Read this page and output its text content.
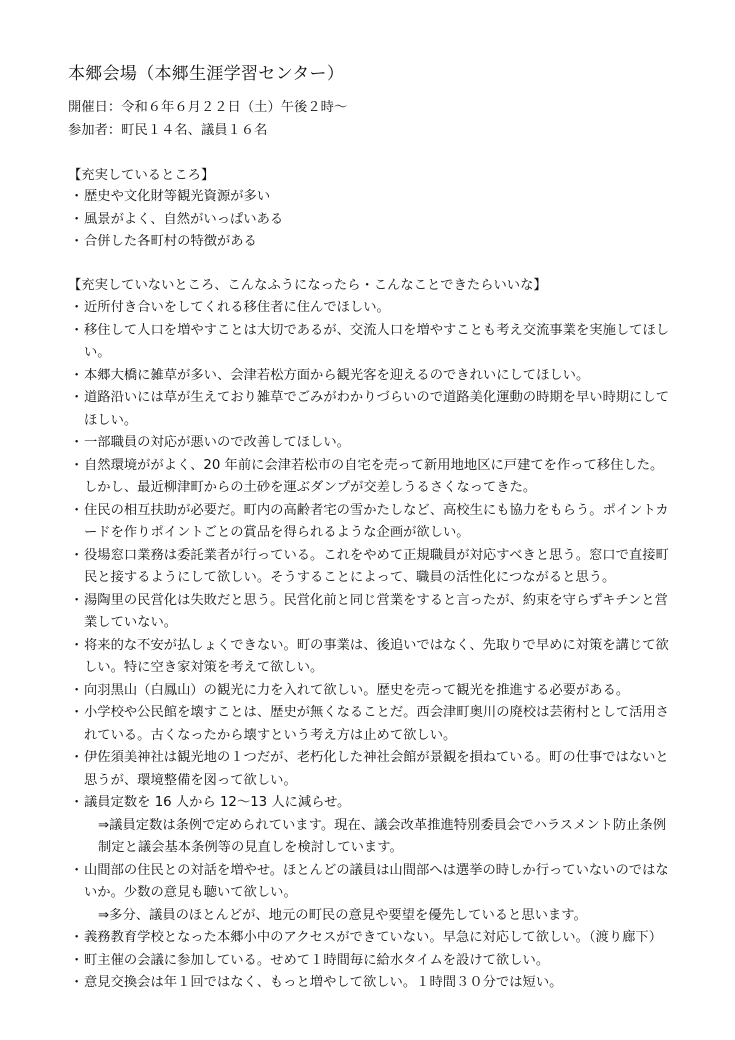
本郷会場（本郷生涯学習センター）
開催日：令和６年６月２２日（土）午後２時～
参加者：町民１４名、議員１６名
【充実しているところ】
・ 歴史や文化財等観光資源が多い
・ 風景がよく、自然がいっぱいある
・ 合併した各町村の特徴がある
【充実していないところ、こんなふうになったら・こんなことできたらいいな】
・ 近所付き合いをしてくれる移住者に住んでほしい。
・ 移住して人口を増やすことは大切であるが、交流人口を増やすことも考え交流事業を実施してほしい。
・ 本郷大橋に雑草が多い、会津若松方面から観光客を迎えるのできれいにしてほしい。
・ 道路沿いには草が生えており雑草でごみがわかりづらいので道路美化運動の時期を早い時期にしてほしい。
・ 一部職員の対応が悪いので改善してほしい。
・ 自然環境ががよく、20 年前に会津若松市の自宅を売って新用地地区に戸建てを作って移住した。しかし、最近柳津町からの土砂を運ぶダンプが交差しうるさくなってきた。
・ 住民の相互扶助が必要だ。町内の高齢者宅の雪かたしなど、高校生にも協力をもらう。ポイントカードを作りポイントごとの賞品を得られるような企画が欲しい。
・ 役場窓口業務は委託業者が行っている。これをやめて正規職員が対応すべきと思う。窓口で直接町民と接するようにして欲しい。そうすることによって、職員の活性化につながると思う。
・ 湯陶里の民営化は失敗だと思う。民営化前と同じ営業をすると言ったが、約束を守らずキチンと営業していない。
・ 将来的な不安が払しょくできない。町の事業は、後追いではなく、先取りで早めに対策を講じて欲しい。特に空き家対策を考えて欲しい。
・ 向羽黒山（白鳳山）の観光に力を入れて欲しい。歴史を売って観光を推進する必要がある。
・ 小学校や公民館を壊すことは、歴史が無くなることだ。西会津町奥川の廃校は芸術村として活用されている。古くなったから壊すという考え方は止めて欲しい。
・ 伊佐須美神社は観光地の１つだが、老朽化した神社会館が景観を損ねている。町の仕事ではないと思うが、環境整備を図って欲しい。
・ 議員定数を 16 人から 12～13 人に減らせ。
⇒議員定数は条例で定められています。現在、議会改革推進特別委員会でハラスメント防止条例制定と議会基本条例等の見直しを検討しています。
・ 山間部の住民との対話を増やせ。ほとんどの議員は山間部へは選挙の時しか行っていないのではないか。少数の意見も聴いて欲しい。
⇒多分、議員のほとんどが、地元の町民の意見や要望を優先していると思います。
・ 義務教育学校となった本郷小中のアクセスができていない。早急に対応して欲しい。（渡り廊下）
・ 町主催の会議に参加している。せめて１時間毎に給水タイムを設けて欲しい。
・ 意見交換会は年１回ではなく、もっと増やして欲しい。１時間３０分では短い。
